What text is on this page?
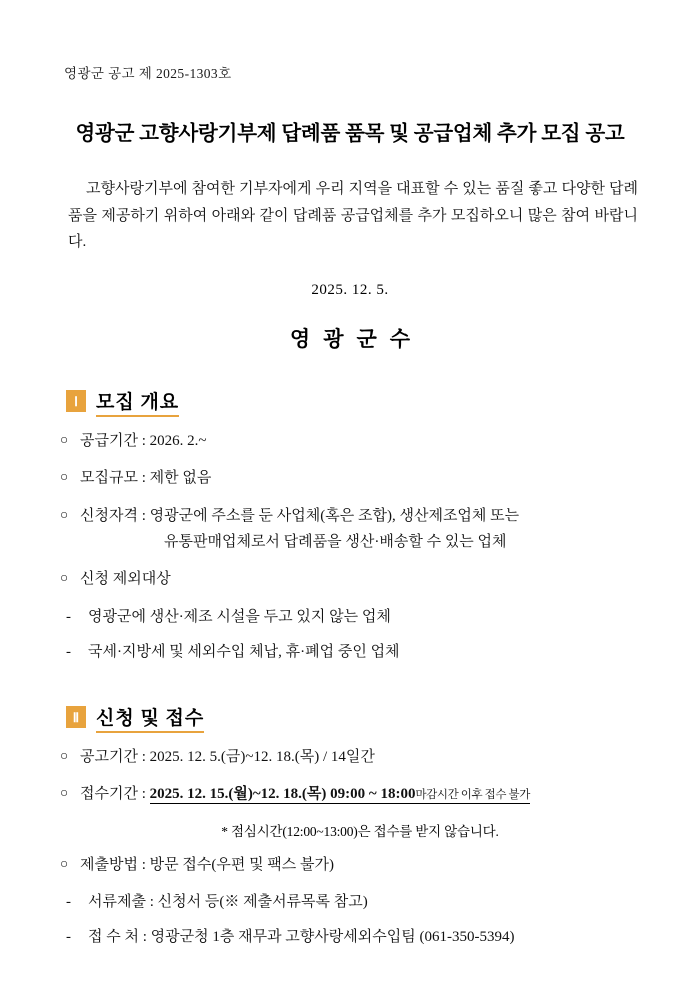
영광군 공고 제 2025-1303호
영광군 고향사랑기부제 답례품 품목 및 공급업체 추가 모집 공고
고향사랑기부에 참여한 기부자에게 우리 지역을 대표할 수 있는 품질 좋고 다양한 답례품을 제공하기 위하여 아래와 같이 답례품 공급업체를 추가 모집하오니 많은 참여 바랍니다.
2025. 12. 5.
영광군수
Ⅰ 모집 개요
○ 공급기간 : 2026. 2.~
○ 모집규모 : 제한 없음
○ 신청자격 : 영광군에 주소를 둔 사업체(혹은 조합), 생산제조업체 또는
유통판매업체로서 답례품을 생산·배송할 수 있는 업체
○ 신청 제외대상
- 영광군에 생산·제조 시설을 두고 있지 않는 업체
- 국세·지방세 및 세외수입 체납, 휴·폐업 중인 업체
Ⅱ 신청 및 접수
○ 공고기간 : 2025. 12. 5.(금)~12. 18.(목) / 14일간
○ 접수기간 : 2025. 12. 15.(월)~12. 18.(목) 09:00 ~ 18:00마감시간 이후 접수 불가
* 점심시간(12:00~13:00)은 접수를 받지 않습니다.
○ 제출방법 : 방문 접수(우편 및 팩스 불가)
- 서류제출 : 신청서 등(※ 제출서류목록 참고)
- 접 수 처 : 영광군청 1층 재무과 고향사랑세외수입팀 (061-350-5394)
